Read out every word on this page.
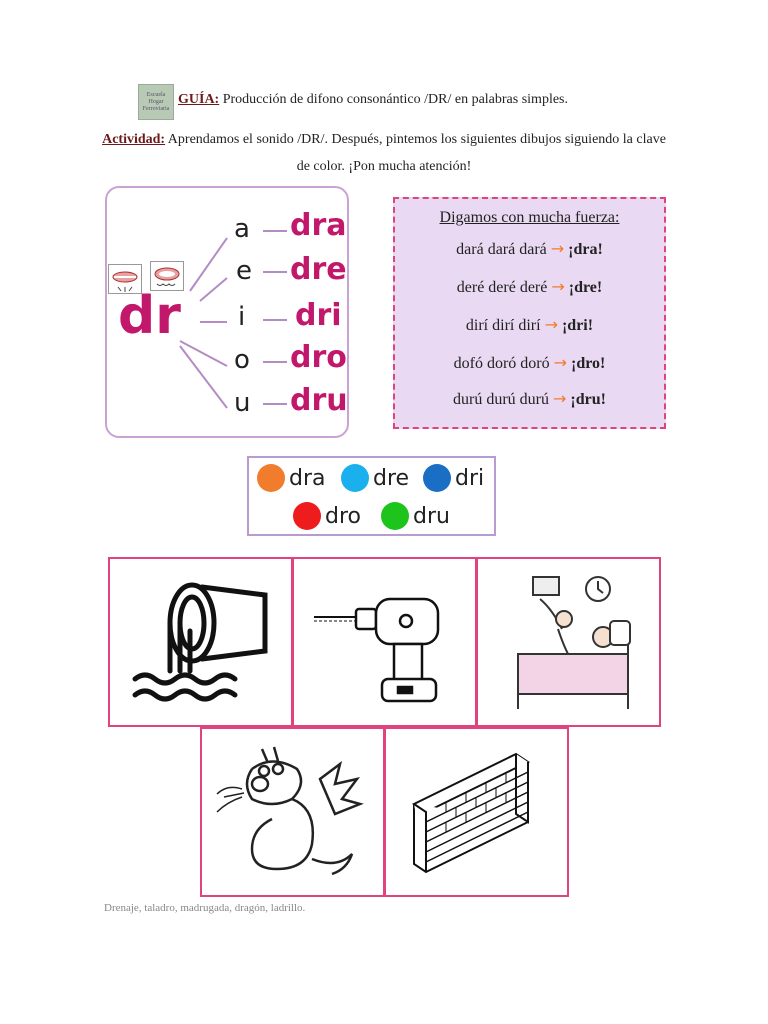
Escuela Hogar Ferroviaria
GUÍA: Producción de difono consonántico /DR/ en palabras simples.
Actividad: Aprendamos el sonido /DR/. Después, pintemos los siguientes dibujos siguiendo la clave de color. ¡Pon mucha atención!
dr
a
e
i
o
u
dra
dre
dri
dro
dru
Digamos con mucha fuerza:
dará dará dará → ¡dra!
deré deré deré → ¡dre!
dirí dirí dirí → ¡dri!
dofó doró doró → ¡dro!
durú durú durú → ¡dru!
dra dre dri
dro dru
Drenaje, taladro, madrugada, dragón, ladrillo.
